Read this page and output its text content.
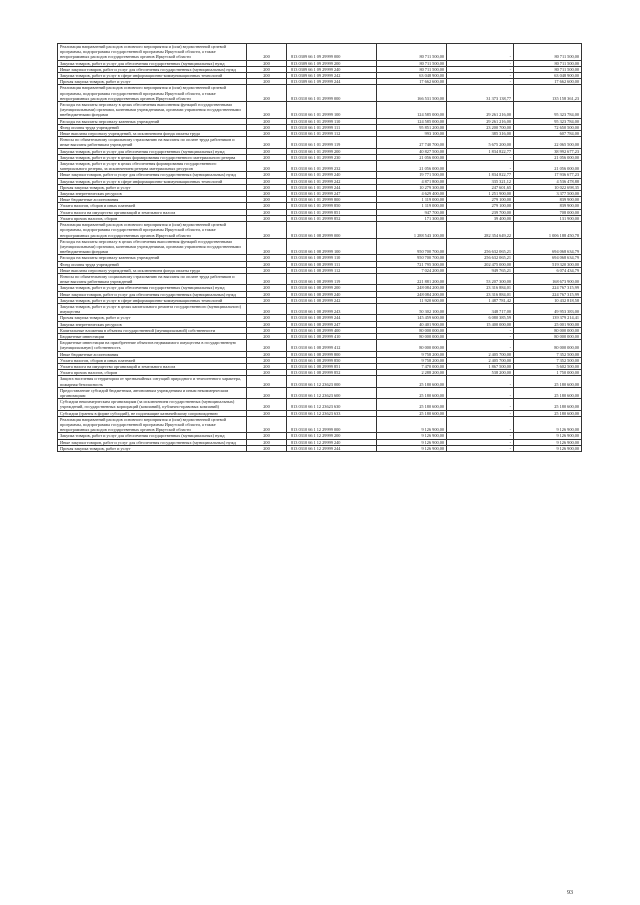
Реализация направлений расходов основного мероприятия и (или) ведомственной целевой программы, подпрограммы государственной программы Иркутской области, а также непрограммных расходов государственных органов Иркутской области	200	813 0309 66 1 09 29999 000	80 711 500,00	-	80 711 500,00
Закупка товаров, работ и услуг для обеспечения государственных (муниципальных) нужд	200	813 0309 66 1 09 29999 200	80 711 500,00	-	80 711 500,00
Иные закупки товаров, работ и услуг для обеспечения государственных (муниципальных) нужд	200	813 0309 66 1 09 29999 240	80 711 500,00	-	80 711 500,00
Закупка товаров, работ и услуг в сфере информационно-коммуникационных технологий	200	813 0309 66 1 09 29999 242	63 048 900,00	-	63 048 900,00
Прочая закупка товаров, работ и услуг	200	813 0309 66 1 09 29999 244	17 662 600,00	-	17 662 600,00
Реализация направлений расходов основного мероприятия и (или) ведомственной целевой программы, подпрограммы государственной программы Иркутской области, а также непрограммных расходов государственных органов Иркутской области	200	813 0310 66 1 01 29999 000	166 531 500,00	31 373 138,77	135 158 361,23
Расходы на выплаты персоналу в целях обеспечения выполнения функций государственными (муниципальными) органами, казенными учреждениями, органами управления государственными внебюджетными фондами	200	813 0310 66 1 01 29999 100	124 585 000,00	29 261 216,00	95 323 784,00
Расходы на выплаты персоналу казенных учреждений	200	813 0310 66 1 01 29999 110	124 585 000,00	29 261 216,00	95 323 784,00
Фонд оплаты труда учреждений	200	813 0310 66 1 01 29999 111	95 851 200,00	23 200 700,00	72 650 500,00
Иные выплаты персоналу учреждений, за исключением фонда оплаты труда	200	813 0310 66 1 01 29999 112	993 100,00	385 316,00	607 784,00
Взносы по обязательному социальному страхованию на выплаты по оплате труда работников и иные выплаты работникам учреждений	200	813 0310 66 1 01 29999 119	27 740 700,00	5 675 200,00	22 065 500,00
Закупка товаров, работ и услуг для обеспечения государственных (муниципальных) нужд	200	813 0310 66 1 01 29999 200	40 827 500,00	1 834 822,77	38 992 677,23
Закупка товаров, работ и услуг в целях формирования государственного материального резерва	200	813 0310 66 1 01 29999 230	21 056 000,00	-	21 056 000,00
Закупка товаров, работ и услуг в целях обеспечения формирования государственного материального резерва, за исключением резерва материальных ресурсов	200	813 0310 66 1 01 29999 232	21 056 000,00	-	21 056 000,00
Иные закупки товаров, работ и услуг для обеспечения государственных (муниципальных) нужд	200	813 0310 66 1 01 29999 240	19 771 500,00	1 834 822,77	17 936 677,23
Закупка товаров, работ и услуг в сфере информационно-коммуникационных технологий	200	813 0310 66 1 01 29999 242	4 871 800,00	335 321,12	4 536 478,88
Прочая закупка товаров, работ и услуг	200	813 0310 66 1 01 29999 244	10 279 300,00	247 601,65	10 022 698,35
Закупка энергетических ресурсов	200	813 0310 66 1 01 29999 247	4 629 400,00	1 251 900,00	3 377 500,00
Иные бюджетные ассигнования	200	813 0310 66 1 01 29999 800	1 119 000,00	279 100,00	839 900,00
Уплата налогов, сборов и иных платежей	200	813 0310 66 1 01 29999 850	1 119 000,00	279 100,00	839 900,00
Уплата налога на имущество организаций и земельного налога	200	813 0310 66 1 01 29999 851	947 700,00	239 700,00	708 000,00
Уплата прочих налогов, сборов	200	813 0310 66 1 01 29999 852	171 300,00	39 400,00	131 900,00
Реализация направлений расходов основного мероприятия и (или) ведомственной целевой программы, подпрограммы государственной программы Иркутской области, а также непрограммных расходов государственных органов Иркутской области	200	813 0310 66 1 08 29999 000	1 288 543 100,00	282 354 649,22	1 006 188 450,78
Расходы на выплаты персоналу в целях обеспечения выполнения функций государственными (муниципальными) органами, казенными учреждениями, органами управления государственными внебюджетными фондами	200	813 0310 66 1 08 29999 100	950 700 700,00	256 632 065,21	694 068 634,79
Расходы на выплаты персоналу казенных учреждений	200	813 0310 66 1 08 29999 110	950 700 700,00	256 632 065,21	694 068 634,79
Фонд оплаты труда учреждений	200	813 0310 66 1 08 29999 111	721 795 300,00	202 475 000,00	519 320 300,00
Иные выплаты персоналу учреждений, за исключением фонда оплаты труда	200	813 0310 66 1 08 29999 112	7 024 200,00	949 765,21	6 074 434,79
Взносы по обязательному социальному страхованию на выплаты по оплате труда работников и иные выплаты работникам учреждений	200	813 0310 66 1 08 29999 119	221 881 200,00	53 207 300,00	168 673 900,00
Закупка товаров, работ и услуг для обеспечения государственных (муниципальных) нужд	200	813 0310 66 1 08 29999 200	248 084 200,00	23 316 884,01	224 767 315,99
Иные закупки товаров, работ и услуг для обеспечения государственных (муниципальных) нужд	200	813 0310 66 1 08 29999 240	248 084 200,00	23 316 884,01	224 767 315,99
Закупка товаров, работ и услуг в сфере информационно-коммуникационных технологий	200	813 0310 66 1 08 29999 242	11 920 600,00	1 487 781,42	10 432 818,58
Закупка товаров, работ и услуг в целях капитального ремонта государственного (муниципального) имущества	200	813 0310 66 1 08 29999 243	50 302 100,00	348 717,00	49 953 383,00
Прочая закупка товаров, работ и услуг	200	813 0310 66 1 08 29999 244	145 459 600,00	6 080 385,59	139 379 214,41
Закупка энергетических ресурсов	200	813 0310 66 1 08 29999 247	40 401 900,00	15 400 000,00	25 001 900,00
Капитальные вложения в объекты государственной (муниципальной) собственности	200	813 0310 66 1 08 29999 400	80 000 000,00	-	80 000 000,00
Бюджетные инвестиции	200	813 0310 66 1 08 29999 410	80 000 000,00	-	80 000 000,00
Бюджетные инвестиции на приобретение объектов недвижимого имущества в государственную (муниципальную) собственность	200	813 0310 66 1 08 29999 412	80 000 000,00	-	80 000 000,00
Иные бюджетные ассигнования	200	813 0310 66 1 08 29999 800	9 758 200,00	2 405 700,00	7 352 500,00
Уплата налогов, сборов и иных платежей	200	813 0310 66 1 08 29999 850	9 758 200,00	2 405 700,00	7 352 500,00
Уплата налога на имущество организаций и земельного налога	200	813 0310 66 1 08 29999 851	7 470 000,00	1 867 500,00	5 602 500,00
Уплата прочих налогов, сборов	200	813 0310 66 1 08 29999 852	2 288 200,00	538 200,00	1 750 000,00
Защита населения и территории от чрезвычайных ситуаций природного и техногенного характера, пожарная безопасность	200	813 0310 66 1 12 23623 000	25 180 600,00	-	25 180 600,00
Предоставление субсидий бюджетным, автономным учреждениям и иным некоммерческим организациям	200	813 0310 66 1 12 23623 600	25 180 600,00	-	25 180 600,00
Субсидии некоммерческим организациям (за исключением государственных (муниципальных) учреждений, государственных корпораций (компаний), публично-правовых компаний)	200	813 0310 66 1 12 23623 630	25 180 600,00	-	25 180 600,00
Субсидии (гранты в форме субсидий), не подлежащие казначейскому сопровождению	200	813 0310 66 1 12 23623 633	25 180 600,00	-	25 180 600,00
Реализация направлений расходов основного мероприятия и (или) ведомственной целевой программы, подпрограммы государственной программы Иркутской области, а также непрограммных расходов государственных органов Иркутской области	200	813 0310 66 1 12 29999 000	9 126 900,00	-	9 126 900,00
Закупка товаров, работ и услуг для обеспечения государственных (муниципальных) нужд	200	813 0310 66 1 12 29999 200	9 126 900,00	-	9 126 900,00
Иные закупки товаров, работ и услуг для обеспечения государственных (муниципальных) нужд	200	813 0310 66 1 12 29999 240	9 126 900,00	-	9 126 900,00
Прочая закупка товаров, работ и услуг	200	813 0310 66 1 12 29999 244	9 126 900,00	-	9 126 900,00
93
